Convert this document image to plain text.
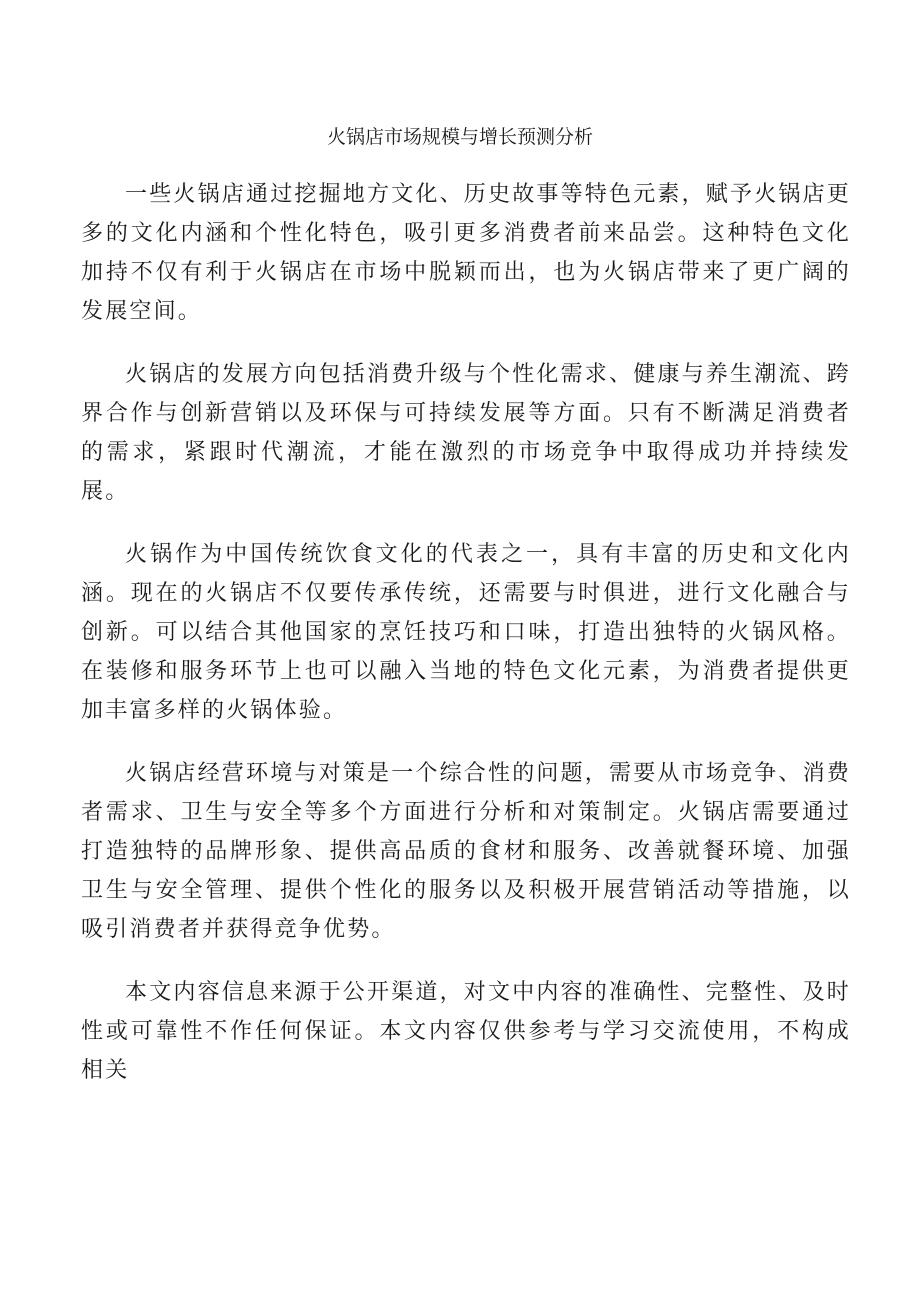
火锅店市场规模与增长预测分析

一些火锅店通过挖掘地方文化、历史故事等特色元素，赋予火锅店更多的文化内涵和个性化特色，吸引更多消费者前来品尝。这种特色文化加持不仅有利于火锅店在市场中脱颖而出，也为火锅店带来了更广阔的发展空间。

火锅店的发展方向包括消费升级与个性化需求、健康与养生潮流、跨界合作与创新营销以及环保与可持续发展等方面。只有不断满足消费者的需求，紧跟时代潮流，才能在激烈的市场竞争中取得成功并持续发展。

火锅作为中国传统饮食文化的代表之一，具有丰富的历史和文化内涵。现在的火锅店不仅要传承传统，还需要与时俱进，进行文化融合与创新。可以结合其他国家的烹饪技巧和口味，打造出独特的火锅风格。在装修和服务环节上也可以融入当地的特色文化元素，为消费者提供更加丰富多样的火锅体验。

火锅店经营环境与对策是一个综合性的问题，需要从市场竞争、消费者需求、卫生与安全等多个方面进行分析和对策制定。火锅店需要通过打造独特的品牌形象、提供高品质的食材和服务、改善就餐环境、加强卫生与安全管理、提供个性化的服务以及积极开展营销活动等措施，以吸引消费者并获得竞争优势。

本文内容信息来源于公开渠道，对文中内容的准确性、完整性、及时性或可靠性不作任何保证。本文内容仅供参考与学习交流使用，不构成相关
